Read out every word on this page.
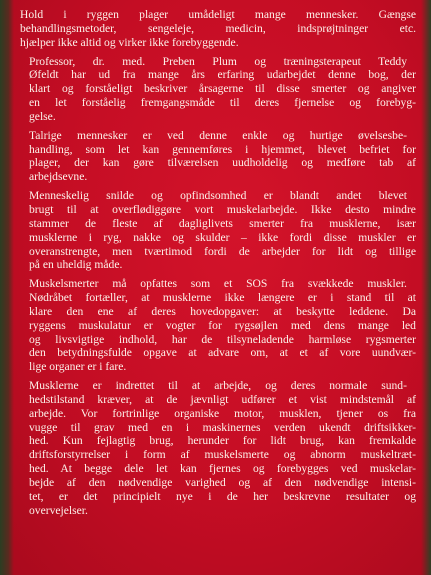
Hold i ryggen plager umådeligt mange mennesker. Gængse
behandlingsmetoder, sengeleje, medicin, indsprøjtninger etc.
hjælper ikke altid og virker ikke forebyggende.

Professor, dr. med. Preben Plum og træningsterapeut Teddy
Øfeldt har ud fra mange års erfaring udarbejdet denne bog, der
klart og forståeligt beskriver årsagerne til disse smerter og angiver
en let forståelig fremgangsmåde til deres fjernelse og forebyg-
gelse.

Talrige mennesker er ved denne enkle og hurtige øvelsesbe-
handling, som let kan gennemføres i hjemmet, blevet befriet for
plager, der kan gøre tilværelsen uudholdelig og medføre tab af
arbejdsevne.

Menneskelig snilde og opfindsomhed er blandt andet blevet
brugt til at overflødiggøre vort muskelarbejde. Ikke desto mindre
stammer de fleste af dagliglivets smerter fra musklerne, især
musklerne i ryg, nakke og skulder – ikke fordi disse muskler er
overanstrengte, men tværtimod fordi de arbejder for lidt og tillige
på en uheldig måde.

Muskelsmerter må opfattes som et SOS fra svækkede muskler.
Nødråbet fortæller, at musklerne ikke længere er i stand til at
klare den ene af deres hovedopgaver: at beskytte leddene. Da
ryggens muskulatur er vogter for rygsøjlen med dens mange led
og livsvigtige indhold, har de tilsyneladende harmløse rygsmerter
den betydningsfulde opgave at advare om, at et af vore uundvær-
lige organer er i fare.

Musklerne er indrettet til at arbejde, og deres normale sund-
hedstilstand kræver, at de jævnligt udfører et vist mindstemål af
arbejde. Vor fortrinlige organiske motor, musklen, tjener os fra
vugge til grav med en i maskinernes verden ukendt driftsikker-
hed. Kun fejlagtig brug, herunder for lidt brug, kan fremkalde
driftsforstyrrelser i form af muskelsmerte og abnorm muskeltræt-
hed. At begge dele let kan fjernes og forebygges ved muskelar-
bejde af den nødvendige varighed og af den nødvendige intensi-
tet, er det principielt nye i de her beskrevne resultater og
overvejelser.
